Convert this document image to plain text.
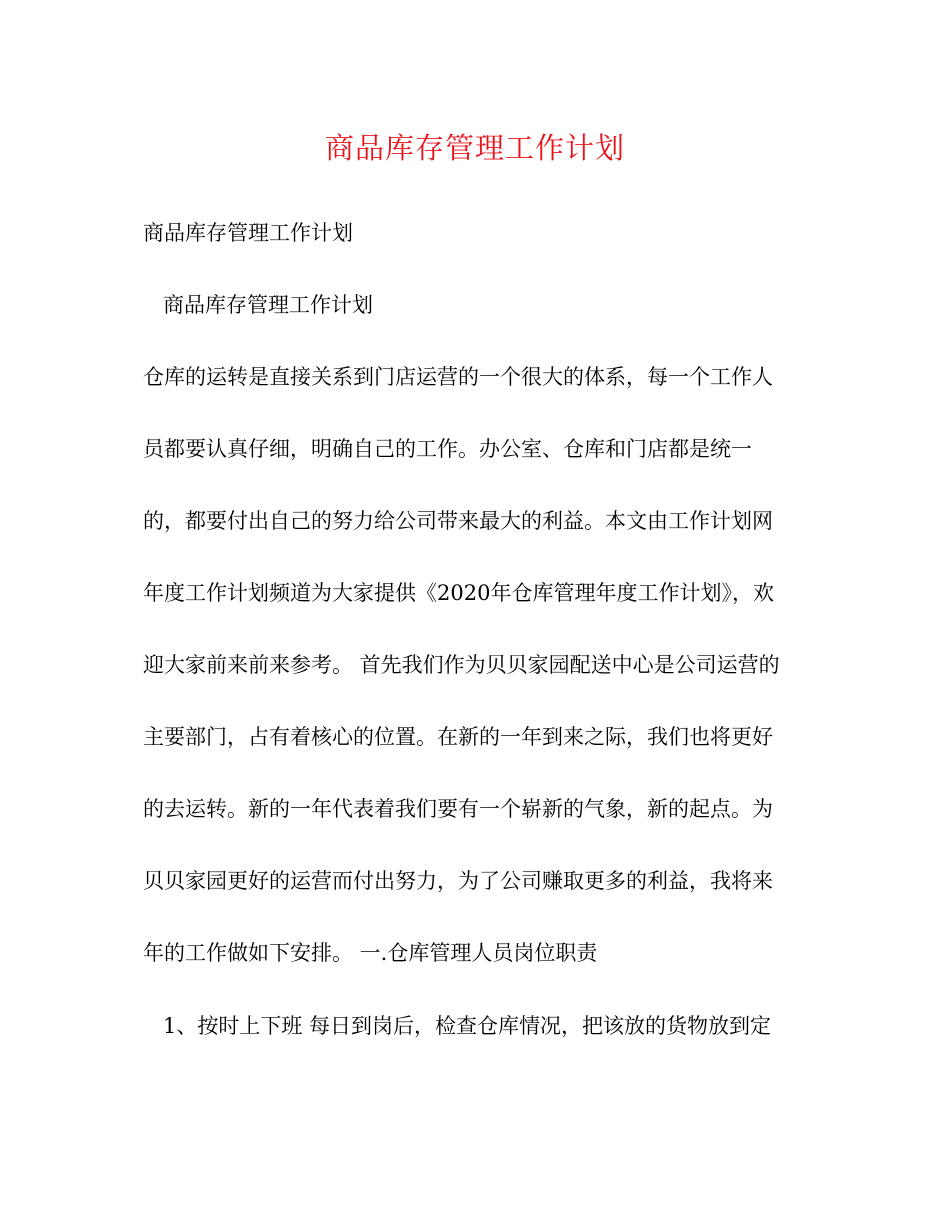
商品库存管理工作计划
商品库存管理工作计划
商品库存管理工作计划
仓库的运转是直接关系到门店运营的一个很大的体系，每一个工作人
员都要认真仔细，明确自己的工作。办公室、仓库和门店都是统一
的，都要付出自己的努力给公司带来最大的利益。本文由工作计划网
年度工作计划频道为大家提供《2020年仓库管理年度工作计划》，欢
迎大家前来前来参考。 首先我们作为贝贝家园配送中心是公司运营的
主要部门，占有着核心的位置。在新的一年到来之际，我们也将更好
的去运转。新的一年代表着我们要有一个崭新的气象，新的起点。为
贝贝家园更好的运营而付出努力，为了公司赚取更多的利益，我将来
年的工作做如下安排。 一.仓库管理人员岗位职责
1、按时上下班 每日到岗后，检查仓库情况，把该放的货物放到定
